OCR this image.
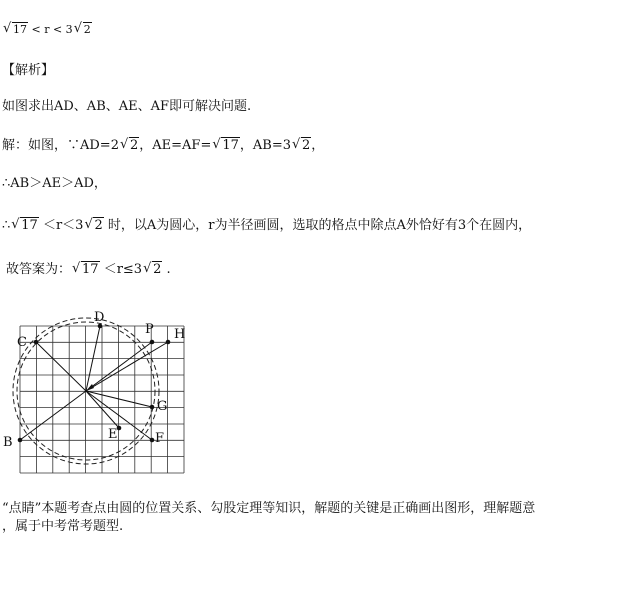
√ 17 < r < 3 √ 2
【解析】
如图求出AD、AB、AE、AF即可解决问题.
解：如图，∵AD=2 √ 2，AE=AF= √ 17，AB=3 √ 2，
∴AB＞AE＞AD，
∴ √ 17 ＜r＜3 √ 2 时，以A为圆心，r为半径画圆，选取的格点中除点A外恰好有3个在圆内，
故答案为： √ 17 ＜r≤3 √ 2 .
D
P H
C
G
E	F
B
“点睛”本题考查点由圆的位置关系、勾股定理等知识，解题的关键是正确画出图形，理解题意
，属于中考常考题型.
